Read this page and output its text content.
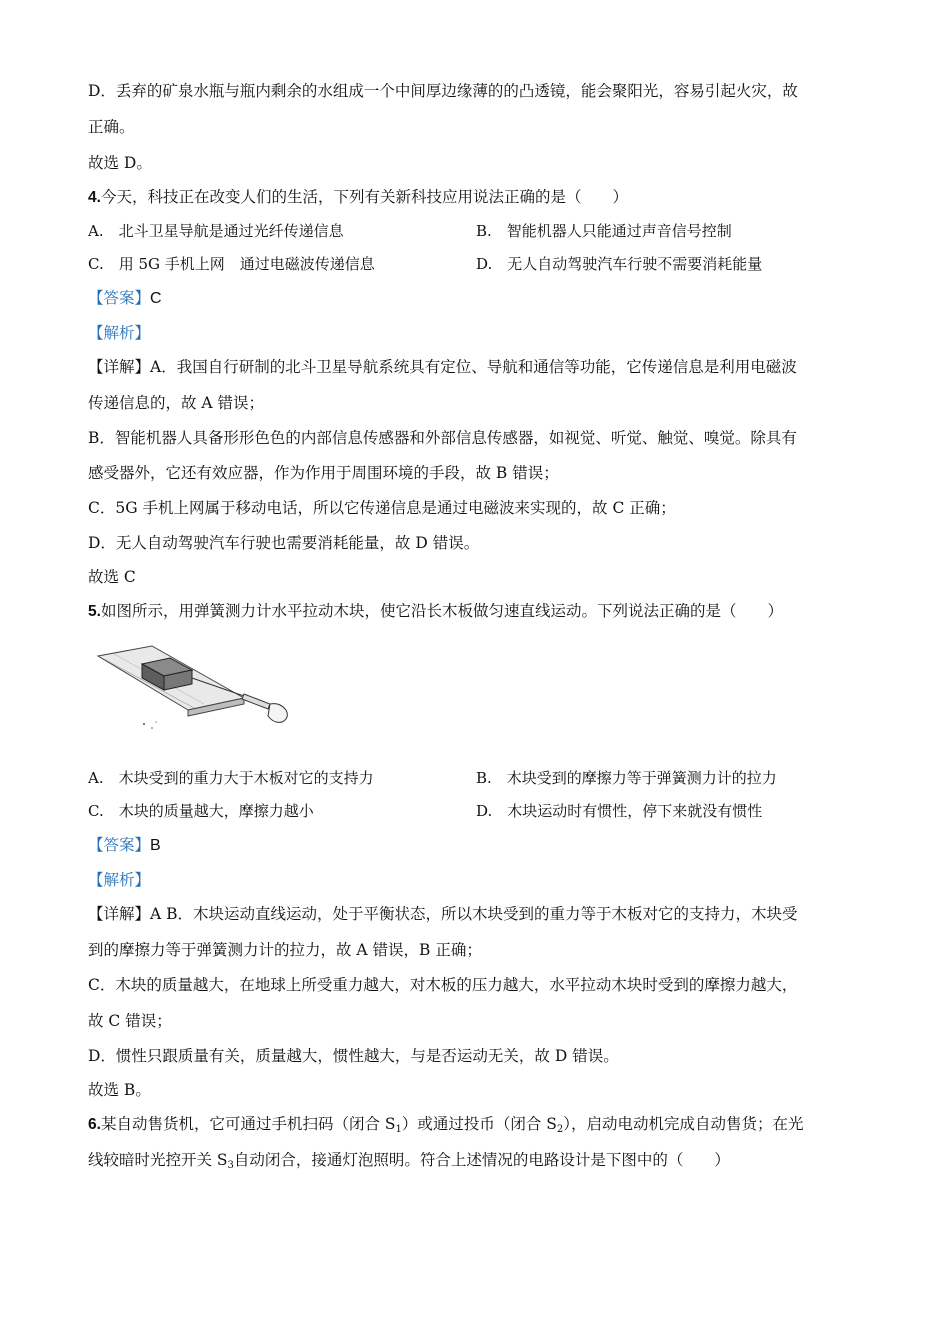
D．丢弃的矿泉水瓶与瓶内剩余的水组成一个中间厚边缘薄的的凸透镜，能会聚阳光，容易引起火灾，故
正确。
故选 D。
4.今天，科技正在改变人们的生活，下列有关新科技应用说法正确的是（　　）
A.　北斗卫星导航是通过光纤传递信息	B.　智能机器人只能通过声音信号控制
C.　用 5G 手机上网　通过电磁波传递信息	D.　无人自动驾驶汽车行驶不需要消耗能量
【答案】C
【解析】
【详解】A．我国自行研制的北斗卫星导航系统具有定位、导航和通信等功能，它传递信息是利用电磁波
传递信息的，故 A 错误；
B．智能机器人具备形形色色的内部信息传感器和外部信息传感器，如视觉、听觉、触觉、嗅觉。除具有
感受器外，它还有效应器，作为作用于周围环境的手段，故 B 错误；
C．5G 手机上网属于移动电话，所以它传递信息是通过电磁波来实现的，故 C 正确；
D．无人自动驾驶汽车行驶也需要消耗能量，故 D 错误。
故选 C
5.如图所示，用弹簧测力计水平拉动木块，使它沿长木板做匀速直线运动。下列说法正确的是（　　）
A.　木块受到的重力大于木板对它的支持力	B.　木块受到的摩擦力等于弹簧测力计的拉力
C.　木块的质量越大，摩擦力越小	D.　木块运动时有惯性，停下来就没有惯性
【答案】B
【解析】
【详解】A B．木块运动直线运动，处于平衡状态，所以木块受到的重力等于木板对它的支持力，木块受
到的摩擦力等于弹簧测力计的拉力，故 A 错误，B 正确；
C．木块的质量越大，在地球上所受重力越大，对木板的压力越大，水平拉动木块时受到的摩擦力越大，
故 C 错误；
D．惯性只跟质量有关，质量越大，惯性越大，与是否运动无关，故 D 错误。
故选 B。
6.某自动售货机，它可通过手机扫码（闭合 $S_1$）或通过投币（闭合 $S_2$），启动电动机完成自动售货；在光
线较暗时光控开关 $S_3$自动闭合，接通灯泡照明。符合上述情况的电路设计是下图中的（　　）
